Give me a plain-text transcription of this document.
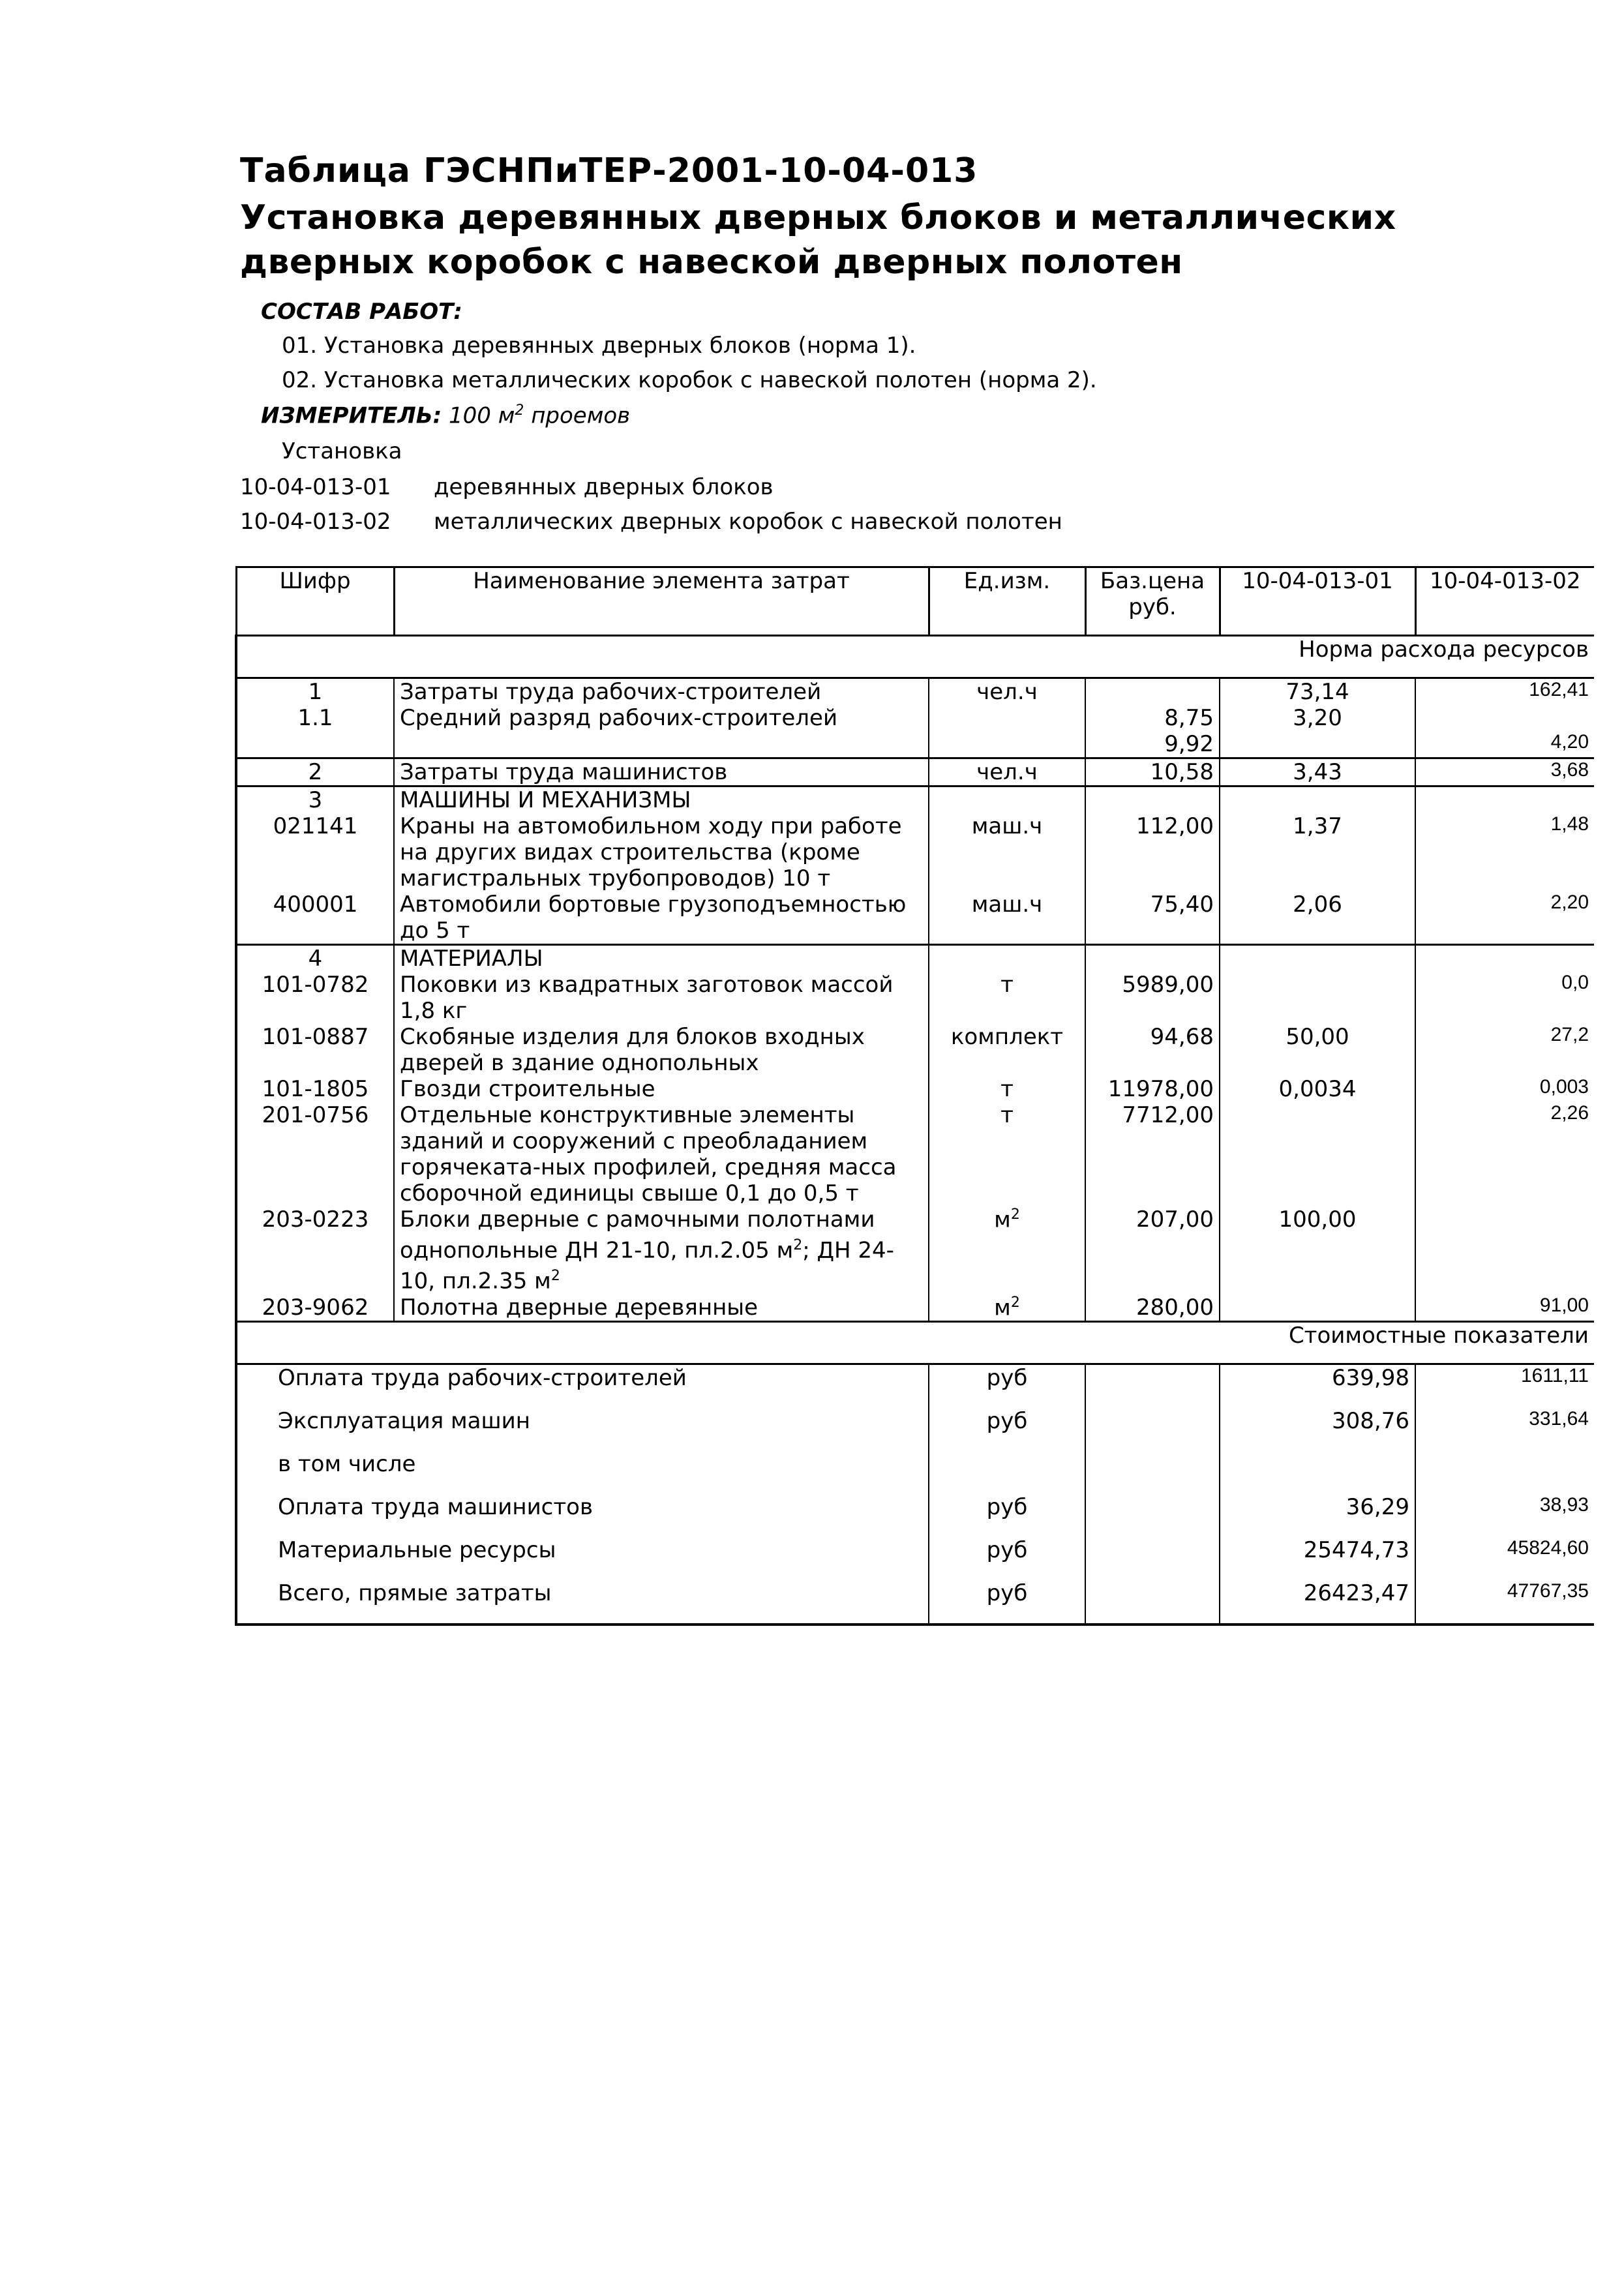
Таблица ГЭСНПиТЕР-2001-10-04-013
Установка деревянных дверных блоков и металлических дверных коробок с навеской дверных полотен
СОСТАВ РАБОТ:
01. Установка деревянных дверных блоков (норма 1).
02. Установка металлических коробок с навеской полотен (норма 2).
ИЗМЕРИТЕЛЬ: 100 $м^2$ проемов
Установка
10-04-013-01 деревянных дверных блоков
10-04-013-02 металлических дверных коробок с навеской полотен
Шифр	Наименование элемента затрат	Ед.изм.	Баз.цена руб.	10-04-013-01	10-04-013-02
	Норма расхода ресурсов				
1	Затраты труда рабочих-строителей	чел.ч		73,14	162,41
1.1	Средний разряд рабочих-строителей		8,75	3,20	
			9,92		4,20
2	Затраты труда машинистов	чел.ч	10,58	3,43	3,68
3	МАШИНЫ И МЕХАНИЗМЫ				
021141	Краны на автомобильном ходу при работе на других видах строительства (кроме магистральных трубопроводов) 10 т	маш.ч	112,00	1,37	1,48
400001	Автомобили бортовые грузоподъемностью до 5 т	маш.ч	75,40	2,06	2,20
4	МАТЕРИАЛЫ				
101-0782	Поковки из квадратных заготовок массой 1,8 кг	т	5989,00		0,0
101-0887	Скобяные изделия для блоков входных дверей в здание однопольных	комплект	94,68	50,00	27,2
101-1805	Гвозди строительные	т	11978,00	0,0034	0,003
201-0756	Отдельные конструктивные элементы зданий и сооружений с преобладанием горячеката-ных профилей, средняя масса сборочной единицы свыше 0,1 до 0,5 т	т	7712,00		2,26
203-0223	Блоки дверные с рамочными полотнами однопольные ДН 21-10, пл.2.05 $м^2$; ДН 24-10, пл.2.35 $м^2$	$м^2$	207,00	100,00	
203-9062	Полотна дверные деревянные	$м^2$	280,00		91,00
	Стоимостные показатели				
Оплата труда рабочих-строителей		руб		639,98	1611,11
Эксплуатация машин		руб		308,76	331,64
в том числе					
Оплата труда машинистов		руб		36,29	38,93
Материальные ресурсы		руб		25474,73	45824,60
Всего, прямые затраты		руб		26423,47	47767,35
